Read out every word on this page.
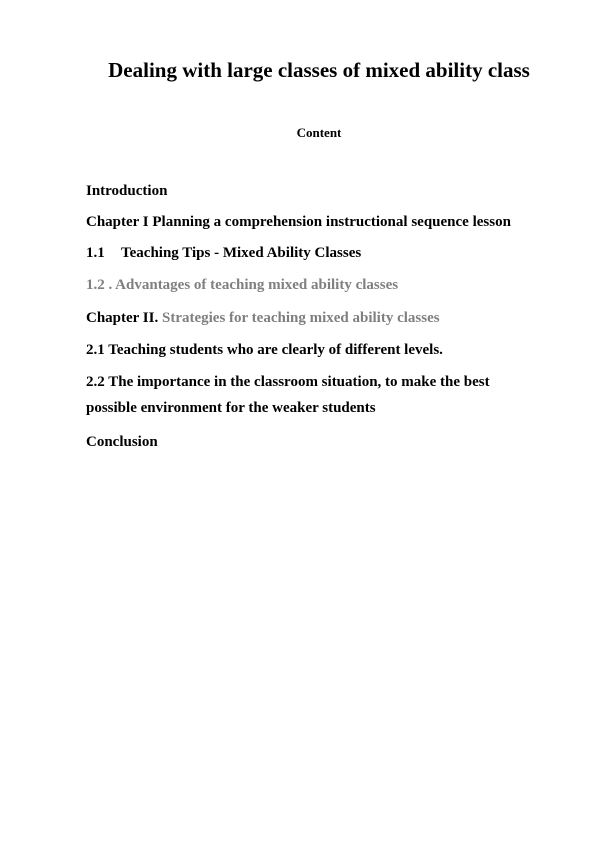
Dealing with large classes of mixed ability class
Content
Introduction
Chapter I Planning a comprehension instructional sequence lesson
1.1 Teaching Tips - Mixed Ability Classes
1.2 . Advantages of teaching mixed ability classes
Chapter II. Strategies for teaching mixed ability classes
2.1 Teaching students who are clearly of different levels.
2.2 The importance in the classroom situation, to make the best
possible environment for the weaker students
Conclusion
